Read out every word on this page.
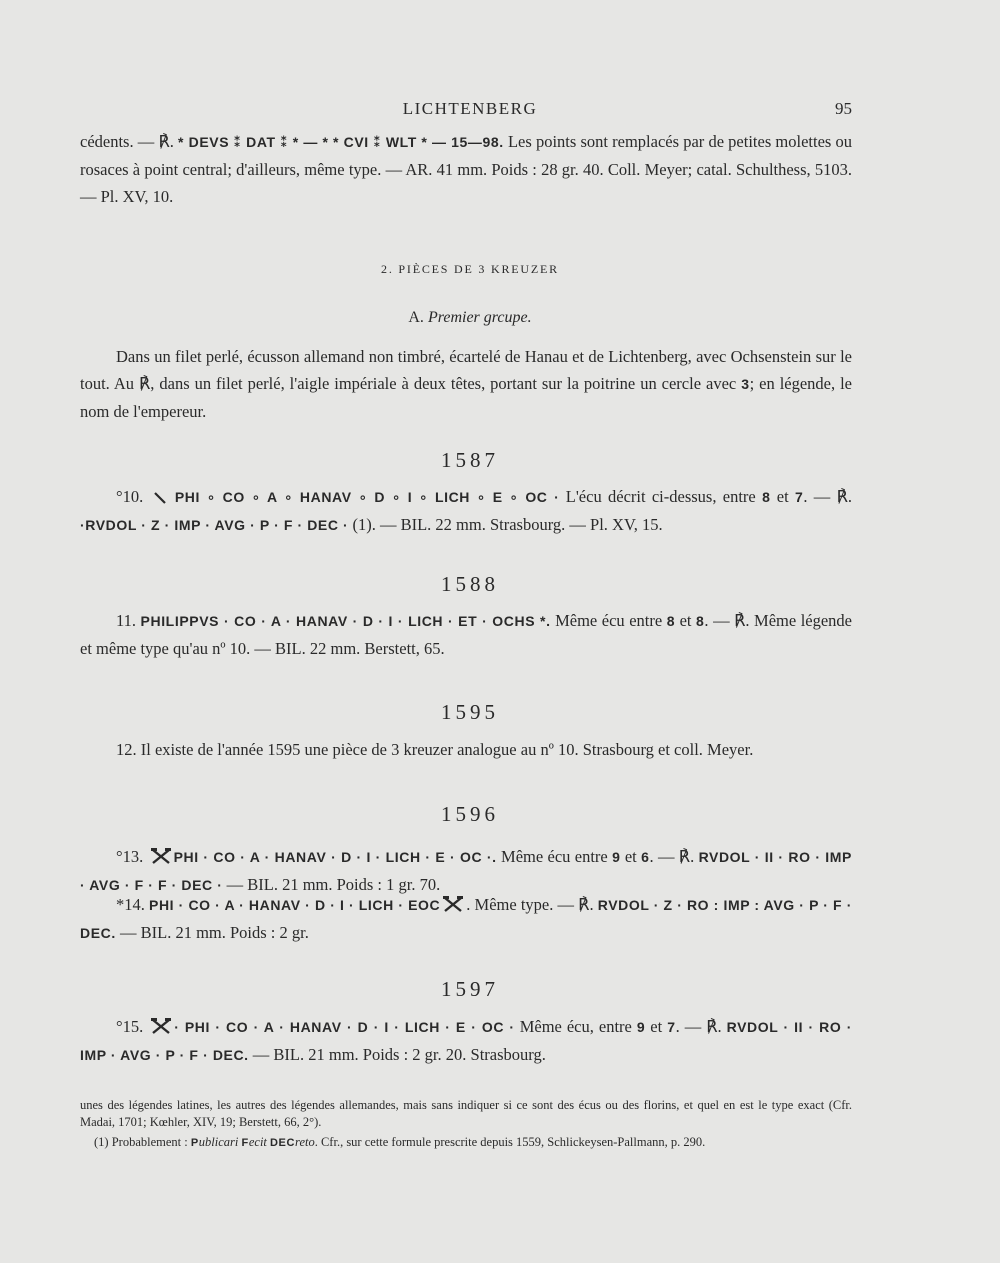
LICHTENBERG	95
cédents. — ℟. * DEVS ⁑ DAT ⁑ * — * * CVI ⁑ WLT * — 15—98. Les points sont remplacés par de petites molettes ou rosaces à point central; d'ailleurs, même type. — AR. 41 mm. Poids : 28 gr. 40. Coll. Meyer; catal. Schulthess, 5103. — Pl. XV, 10.
2. PIÈCES DE 3 KREUZER
A. Premier grcupe.
Dans un filet perlé, écusson allemand non timbré, écartelé de Hanau et de Lichtenberg, avec Ochsenstein sur le tout. Au ℟, dans un filet perlé, l'aigle impériale à deux têtes, portant sur la poitrine un cercle avec 3; en légende, le nom de l'empereur.
1587
°10.  PHI ∘ CO ∘ A ∘ HANAV ∘ D ∘ I ∘ LICH ∘ E ∘ OC · L'écu décrit ci-dessus, entre 8 et 7. — ℟. ·RVDOL · Z · IMP · AVG · P · F · DEC · (1). — BIL. 22 mm. Strasbourg. — Pl. XV, 15.
1588
11. PHILIPPVS · CO · A · HANAV · D · I · LICH · ET · OCHS *. Même écu entre 8 et 8. — ℟. Même légende et même type qu'au nº 10. — BIL. 22 mm. Berstett, 65.
1595
12. Il existe de l'année 1595 une pièce de 3 kreuzer analogue au nº 10. Strasbourg et coll. Meyer.
1596
°13. PHI · CO · A · HANAV · D · I · LICH · E · OC ·. Même écu entre 9 et 6. — ℟. RVDOL · II · RO · IMP · AVG · F · F · DEC · — BIL. 21 mm. Poids : 1 gr. 70.
*14. PHI · CO · A · HANAV · D · I · LICH · EOC . Même type. — ℟. RVDOL · Z · RO : IMP : AVG · P · F · DEC. — BIL. 21 mm. Poids : 2 gr.
1597
°15. · PHI · CO · A · HANAV · D · I · LICH · E · OC · Même écu, entre 9 et 7. — ℟. RVDOL · II · RO · IMP · AVG · P · F · DEC. — BIL. 21 mm. Poids : 2 gr. 20. Strasbourg.
unes des légendes latines, les autres des légendes allemandes, mais sans indiquer si ce sont des écus ou des florins, et quel en est le type exact (Cfr. Madai, 1701; Kœhler, XIV, 19; Berstett, 66, 2°).
(1) Probablement : Publicari Fecit DECreto. Cfr., sur cette formule prescrite depuis 1559, Schlickeysen-Pallmann, p. 290.
